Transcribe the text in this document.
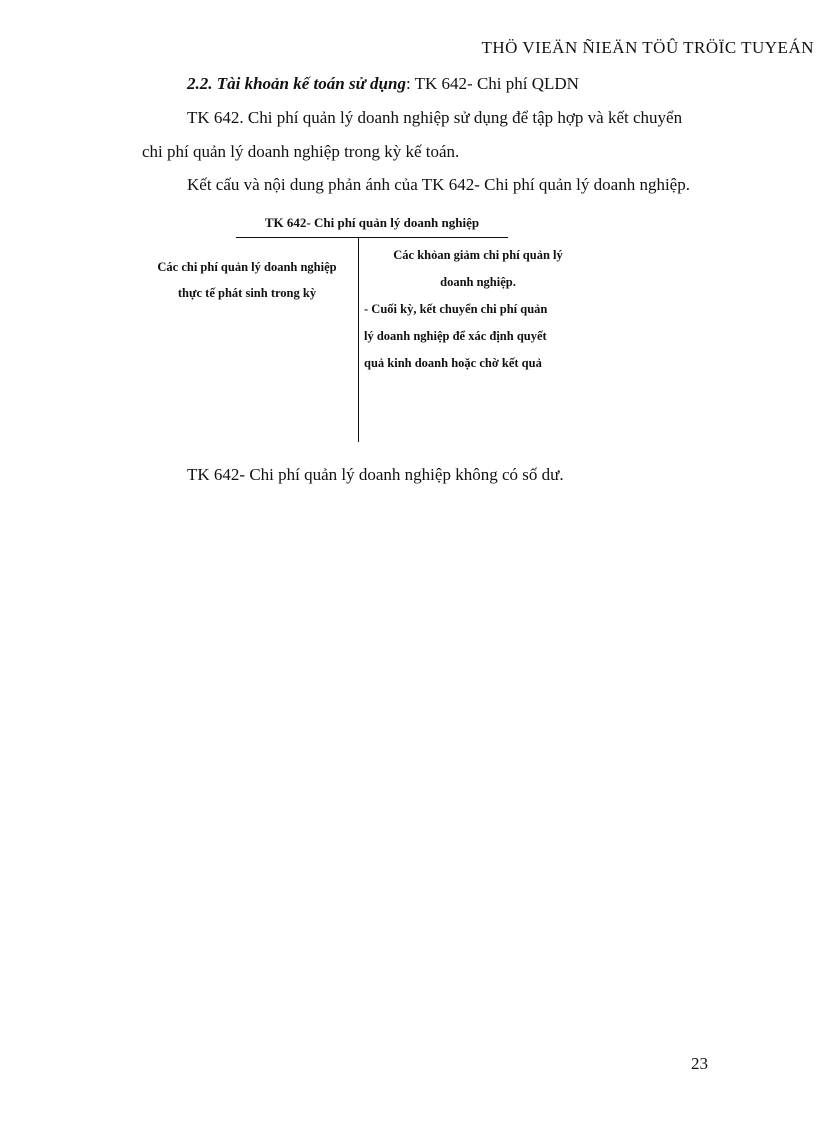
THÖ VIEÄN ÑIEÄN TÖÛ TRÖÏC TUYEÁN
2.2. Tài khoản kế toán sử dụng: TK 642- Chi phí QLDN
TK 642. Chi phí quản lý doanh nghiệp sử dụng để tập hợp và kết chuyển
chi phí quản lý doanh nghiệp trong kỳ kế toán.
Kết cấu và nội dung phản ánh của TK 642- Chi phí quản lý doanh nghiệp.
TK 642- Chi phí quản lý doanh nghiệp
Các chi phí quản lý doanh nghiệp
thực tế phát sinh trong kỳ
Các khỏan giảm chi phí quản lý
doanh nghiệp.
- Cuối kỳ, kết chuyển chi phí quản
lý doanh nghiệp để xác định quyết
quả kinh doanh hoặc chờ kết quả
TK 642- Chi phí quản lý doanh nghiệp không có số dư.
23
